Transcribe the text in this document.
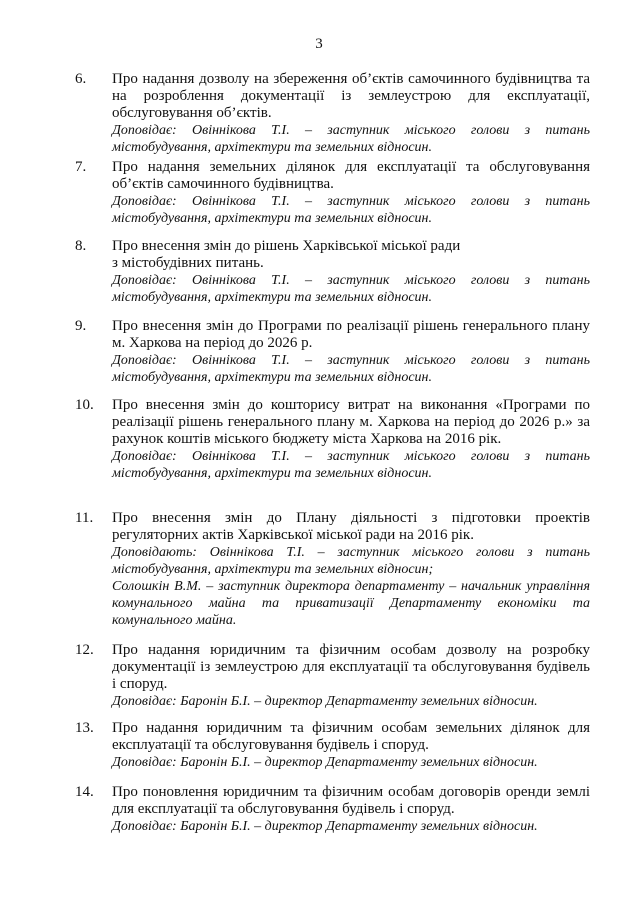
3
6. Про надання дозволу на збереження об’єктів самочинного будівництва та на розроблення документації із землеустрою для експлуатації, обслуговування об’єктів.
Доповідає: Овіннікова Т.І. – заступник міського голови з питань містобудування, архітектури та земельних відносин.
7. Про надання земельних ділянок для експлуатації та обслуговування об’єктів самочинного будівництва.
Доповідає: Овіннікова Т.І. – заступник міського голови з питань містобудування, архітектури та земельних відносин.
8. Про внесення змін до рішень Харківської міської ради
з містобудівних питань.
Доповідає: Овіннікова Т.І. – заступник міського голови з питань містобудування, архітектури та земельних відносин.
9. Про внесення змін до Програми по реалізації рішень генерального плану м. Харкова на період до 2026 р.
Доповідає: Овіннікова Т.І. – заступник міського голови з питань містобудування, архітектури та земельних відносин.
10. Про внесення змін до кошторису витрат на виконання «Програми по реалізації рішень генерального плану м. Харкова на період до 2026 р.» за рахунок коштів міського бюджету міста Харкова на 2016 рік.
Доповідає: Овіннікова Т.І. – заступник міського голови з питань містобудування, архітектури та земельних відносин.
11. Про внесення змін до Плану діяльності з підготовки проектів регуляторних актів Харківської міської ради на 2016 рік.
Доповідають: Овіннікова Т.І. – заступник міського голови з питань містобудування, архітектури та земельних відносин;
Солошкін В.М. – заступник директора департаменту – начальник управління комунального майна та приватизації Департаменту економіки та комунального майна.
12. Про надання юридичним та фізичним особам дозволу на розробку документації із землеустрою для експлуатації та обслуговування будівель і споруд.
Доповідає: Баронін Б.І. – директор Департаменту земельних відносин.
13. Про надання юридичним та фізичним особам земельних ділянок для експлуатації та обслуговування будівель і споруд.
Доповідає: Баронін Б.І. – директор Департаменту земельних відносин.
14. Про поновлення юридичним та фізичним особам договорів оренди землі для експлуатації та обслуговування будівель і споруд.
Доповідає: Баронін Б.І. – директор Департаменту земельних відносин.
